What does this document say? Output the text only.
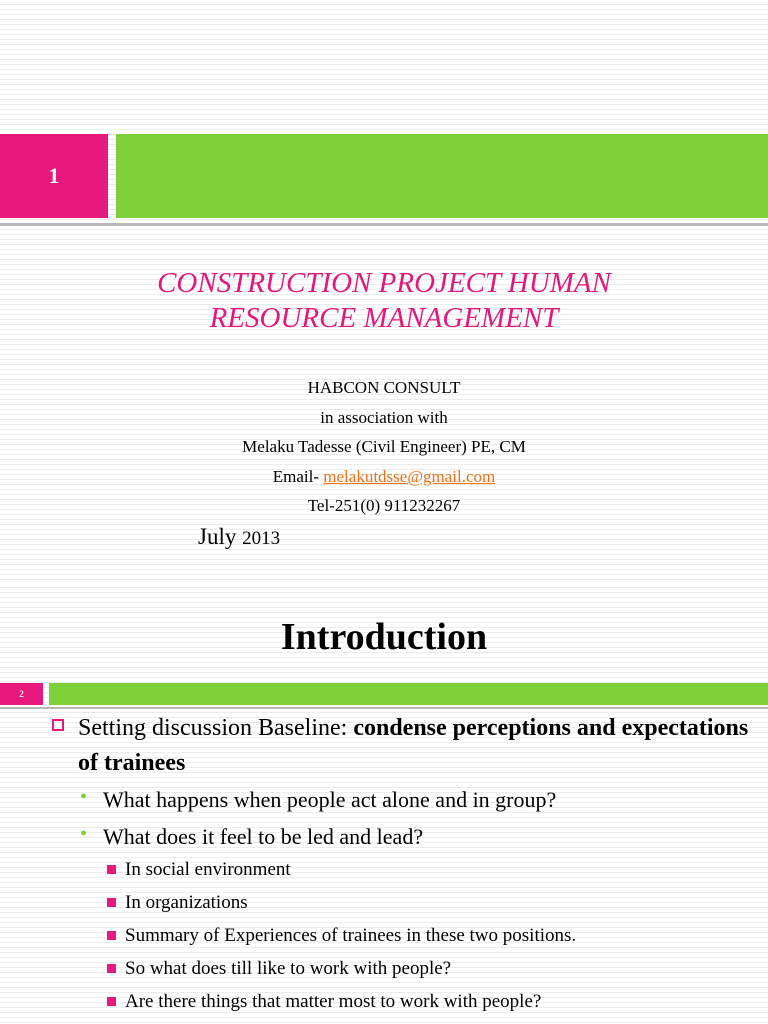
1
CONSTRUCTION PROJECT HUMAN
RESOURCE MANAGEMENT
HABCON CONSULT
in association with
Melaku Tadesse (Civil Engineer) PE, CM
Email- melakutdsse@gmail.com
Tel-251(0) 911232267
July 2013
Introduction
2
Setting discussion Baseline: condense perceptions and expectations of trainees
• What happens when people act alone and in group?
• What does it feel to be led and lead?
In social environment
In organizations
Summary of Experiences of trainees in these two positions.
So what does till like to work with people?
Are there things that matter most to work with people?
